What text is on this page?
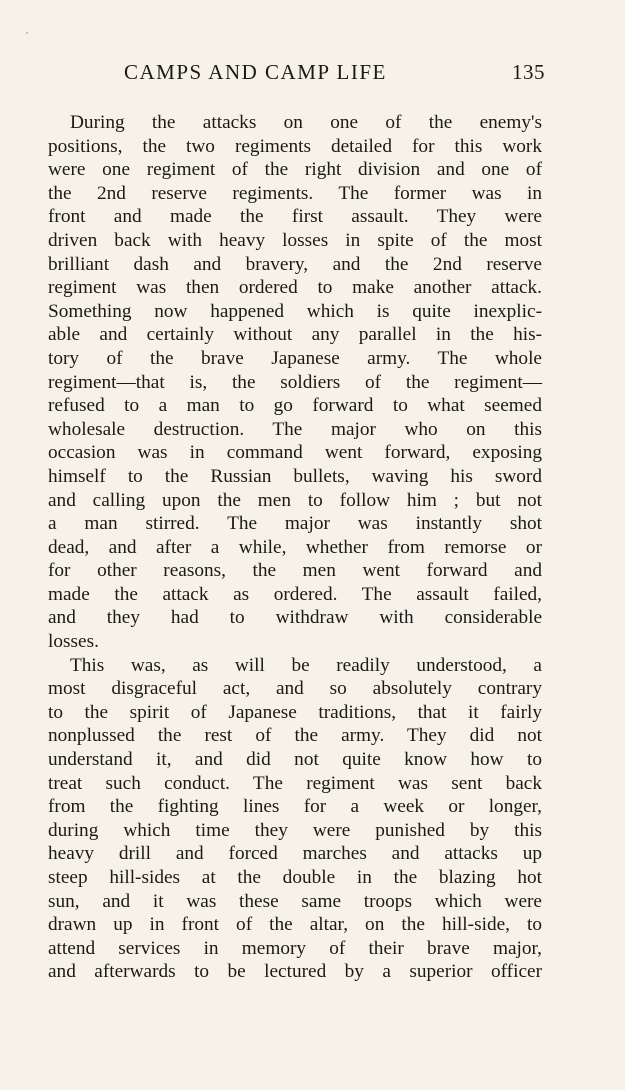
CAMPS AND CAMP LIFE	135
During the attacks on one of the enemy's
positions, the two regiments detailed for this work
were one regiment of the right division and one of
the 2nd reserve regiments. The former was in
front and made the first assault. They were
driven back with heavy losses in spite of the most
brilliant dash and bravery, and the 2nd reserve
regiment was then ordered to make another attack.
Something now happened which is quite inexplic-
able and certainly without any parallel in the his-
tory of the brave Japanese army. The whole
regiment—that is, the soldiers of the regiment—
refused to a man to go forward to what seemed
wholesale destruction. The major who on this
occasion was in command went forward, exposing
himself to the Russian bullets, waving his sword
and calling upon the men to follow him ; but not
a man stirred. The major was instantly shot
dead, and after a while, whether from remorse or
for other reasons, the men went forward and
made the attack as ordered. The assault failed,
and they had to withdraw with considerable
losses.
This was, as will be readily understood, a
most disgraceful act, and so absolutely contrary
to the spirit of Japanese traditions, that it fairly
nonplussed the rest of the army. They did not
understand it, and did not quite know how to
treat such conduct. The regiment was sent back
from the fighting lines for a week or longer,
during which time they were punished by this
heavy drill and forced marches and attacks up
steep hill-sides at the double in the blazing hot
sun, and it was these same troops which were
drawn up in front of the altar, on the hill-side, to
attend services in memory of their brave major,
and afterwards to be lectured by a superior officer
